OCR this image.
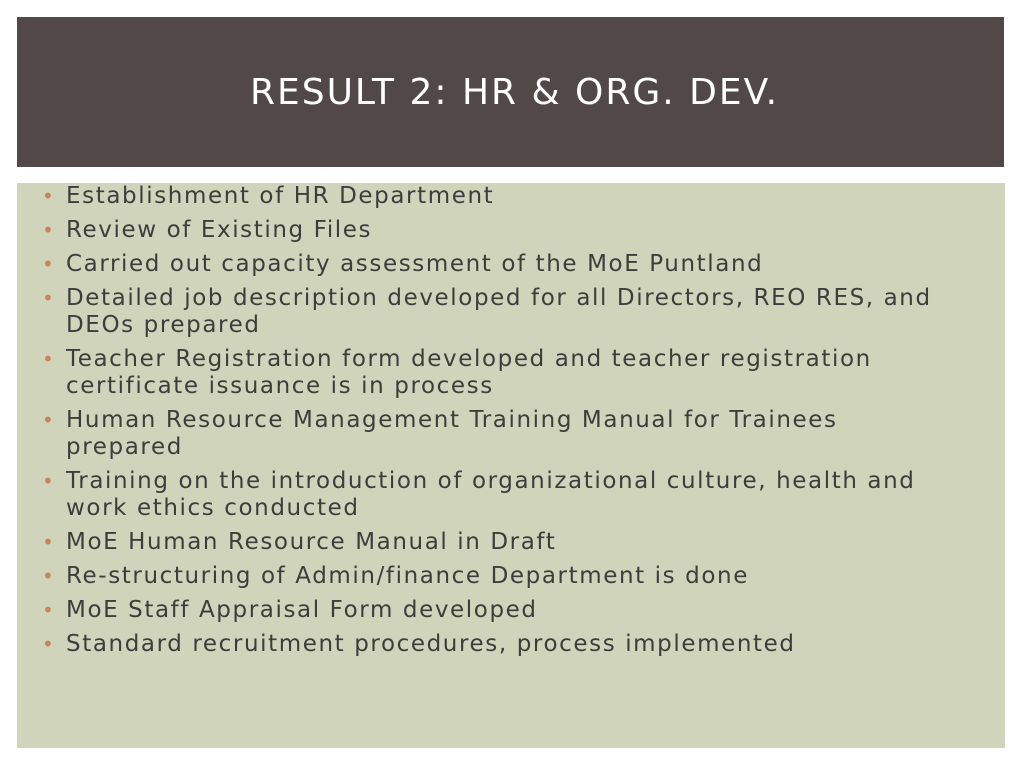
RESULT 2: HR & ORG. DEV.
• Establishment of HR Department
• Review of Existing Files
• Carried out capacity assessment of the MoE Puntland
• Detailed job description developed for all Directors, REO RES, and DEOs prepared
• Teacher Registration form developed and teacher registration certificate issuance is in process
• Human Resource Management Training Manual for Trainees prepared
• Training on the introduction of organizational culture, health and work ethics conducted
• MoE Human Resource Manual in Draft
• Re-structuring of Admin/finance Department is done
• MoE Staff Appraisal Form developed
• Standard recruitment procedures, process implemented
